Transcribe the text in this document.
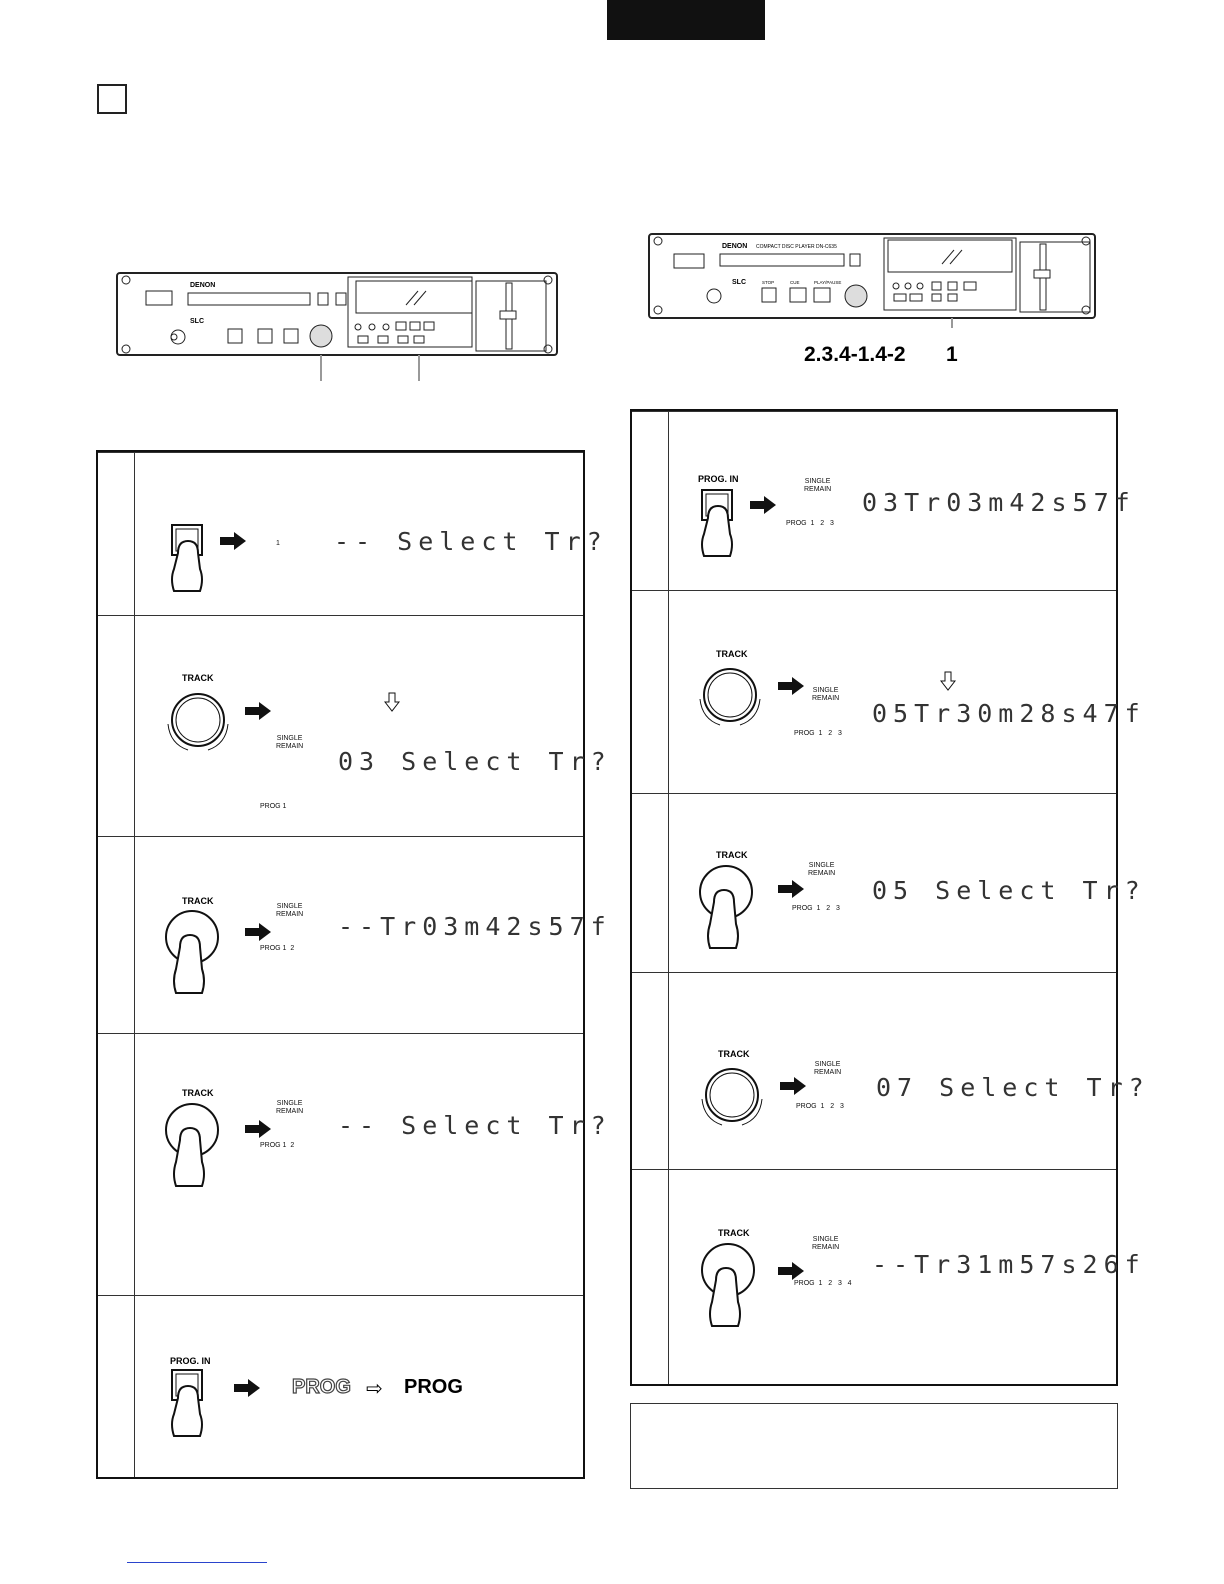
DENON
SLC
DENON COMPACT DISC PLAYER DN-C635
SLC	STOP	CUE	PLAY/PAUSE
2.3.4-1.4-2 1
1 -- Select Tr?
TRACK
SINGLE
REMAIN
PROG 1
03 Select Tr?
TRACK
SINGLE
REMAIN
PROG 1  2
--Tr03m42s57f
TRACK
SINGLE
REMAIN
PROG 1  2
-- Select Tr?
PROG. IN
PROG ⇨ PROG
PROG. IN	SINGLE
REMAIN
PROG  1   2   3
03Tr03m42s57f
TRACK
SINGLE
REMAIN
PROG  1   2   3
05Tr30m28s47f
TRACK
SINGLE
REMAIN
PROG  1   2   3
05 Select Tr?
TRACK
SINGLE
REMAIN
PROG  1   2   3
07 Select Tr?
TRACK
SINGLE
REMAIN
PROG  1   2   3   4
--Tr31m57s26f
